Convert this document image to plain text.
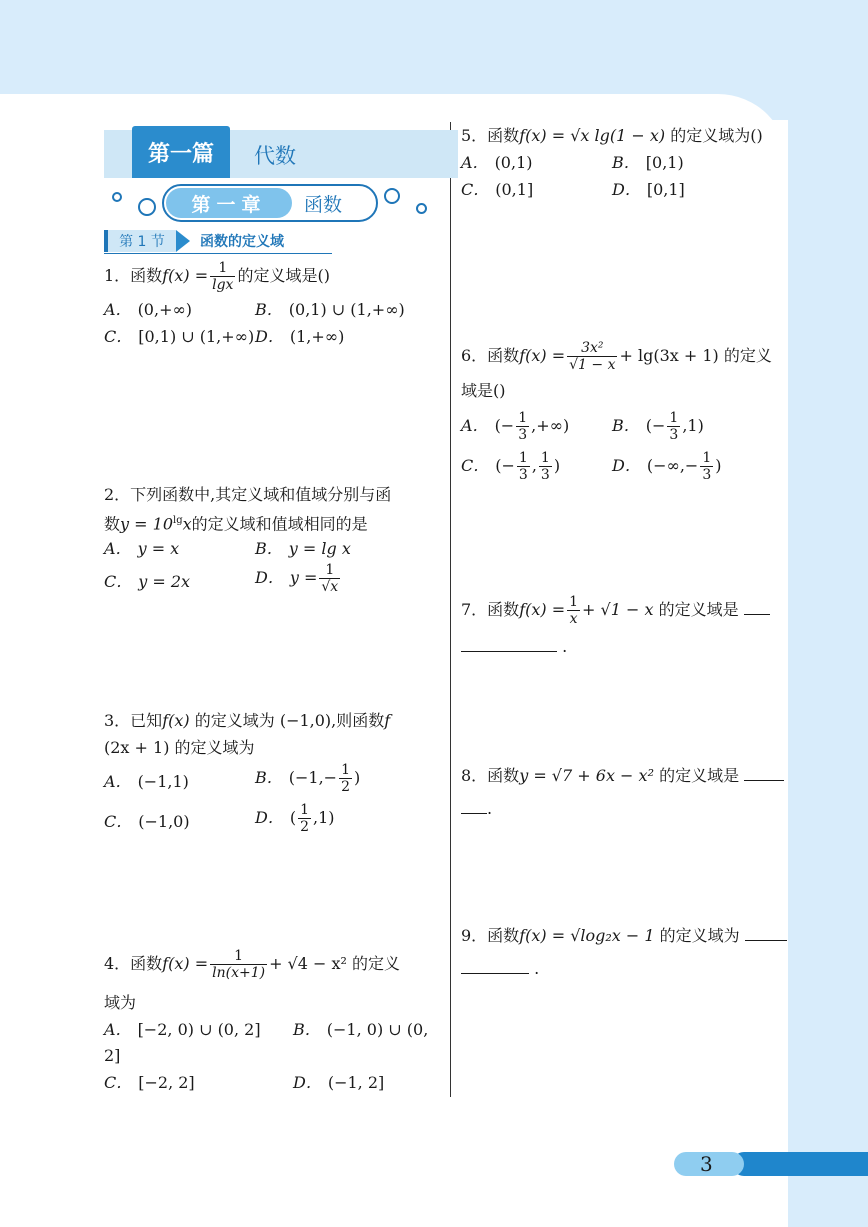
第一篇	代数
第一章	函数
第 1 节	函数的定义域
1．函数$f(x) = \frac{1}{\lg x}$ 的定义域是()
A． (0,+∞)	B． (0,1) ∪ (1,+∞)
C． [0,1) ∪ (1,+∞) D． (1,+∞)
2．下列函数中,其定义域和值域分别与函
数$y = 10^{lg}x$的定义域和值域相同的是
A． y = x	B． y = lg x
C． y = 2x	D． $y = \frac{1}{√x}$
3．已知f(x) 的定义域为 (−1,0),则函数f
(2x + 1) 的定义域为
A． (−1,1)	B． ($-1,- \frac{1}{2}$ )
C． (−1,0)	D． ( $\frac{1}{2} ,1$)
4．函数$f(x) = \frac{1}{\ln(x+1)} + √4 - x^2$ 的定义
域为
A． [−2, 0) ∪ (0, 2] B． (−1, 0) ∪ (0,
2]
C． [−2, 2]	D． (−1, 2]
5．函数f(x) = √x lg(1 − x) 的定义域为()
A． (0,1)	B． [0,1)
C． (0,1]	D． [0,1]
6．函数$f(x) = \frac{\text{3x²}}{√1 - x} + \lg(3x + 1)$ 的定义
域是()
A． (− $\frac{1}{3}$ ,+∞)	B． (− $\frac{1}{3} ,1$)
C． (− $\frac{1}{3}$ , $\frac{1}{3}$ )	D． (−∞,− $\frac{1}{3}$ )
7．函数$f(x) = \frac{1}{x} + √1 - x$ 的定义域是
.
8．函数y = √7 + 6x − x² 的定义域是
.
9．函数f(x) = √log₂x − 1 的定义域为
.
3
